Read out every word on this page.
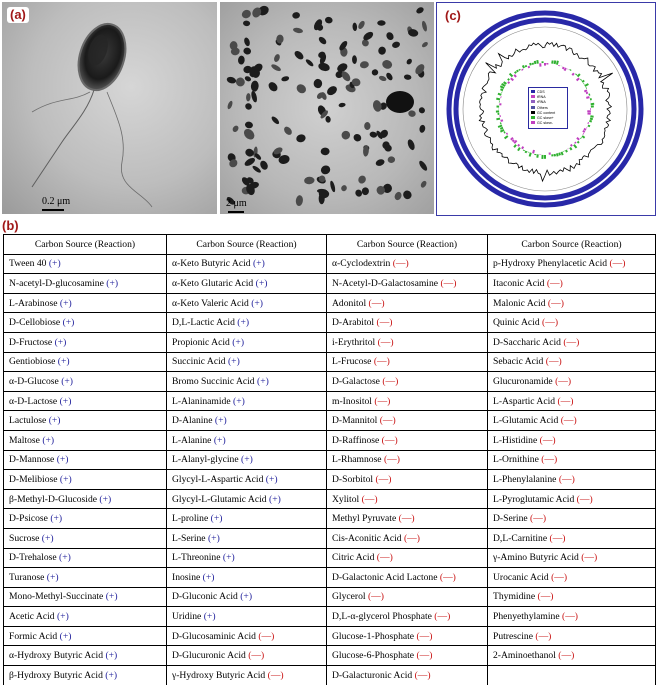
(a)
0.2 μm	2 μm
(c)
CDS
tRNA
rRNA
Others
GC content
GC skew+
GC skew-
(b)
Carbon Source (Reaction)	Carbon Source (Reaction)	Carbon Source (Reaction)	Carbon Source (Reaction)
Tween 40 (+)	α-Keto Butyric Acid (+)	α-Cyclodextrin (—)	p-Hydroxy Phenylacetic Acid (—)
N-acetyl-D-glucosamine (+)	α-Keto Glutaric Acid (+)	N-Acetyl-D-Galactosamine (—)	Itaconic Acid (—)
L-Arabinose (+)	α-Keto Valeric Acid (+)	Adonitol (—)	Malonic Acid (—)
D-Cellobiose (+)	D,L-Lactic Acid (+)	D-Arabitol (—)	Quinic Acid (—)
D-Fructose (+)	Propionic Acid (+)	i-Erythritol (—)	D-Saccharic Acid (—)
Gentiobiose (+)	Succinic Acid (+)	L-Frucose (—)	Sebacic Acid (—)
α-D-Glucose (+)	Bromo Succinic Acid (+)	D-Galactose (—)	Glucuronamide (—)
α-D-Lactose (+)	L-Alaninamide (+)	m-Inositol (—)	L-Aspartic Acid (—)
Lactulose (+)	D-Alanine (+)	D-Mannitol (—)	L-Glutamic Acid (—)
Maltose (+)	L-Alanine (+)	D-Raffinose (—)	L-Histidine (—)
D-Mannose (+)	L-Alanyl-glycine (+)	L-Rhamnose (—)	L-Ornithine (—)
D-Melibiose (+)	Glycyl-L-Aspartic Acid (+)	D-Sorbitol (—)	L-Phenylalanine (—)
β-Methyl-D-Glucoside (+)	Glycyl-L-Glutamic Acid (+)	Xylitol (—)	L-Pyroglutamic Acid (—)
D-Psicose (+)	L-proline (+)	Methyl Pyruvate (—)	D-Serine (—)
Sucrose (+)	L-Serine (+)	Cis-Aconitic Acid (—)	D,L-Carnitine (—)
D-Trehalose (+)	L-Threonine (+)	Citric Acid (—)	γ-Amino Butyric Acid (—)
Turanose (+)	Inosine (+)	D-Galactonic Acid Lactone (—)	Urocanic Acid (—)
Mono-Methyl-Succinate (+)	D-Gluconic Acid (+)	Glycerol (—)	Thymidine (—)
Acetic Acid (+)	Uridine (+)	D,L-α-glycerol Phosphate (—)	Phenyethylamine (—)
Formic Acid (+)	D-Glucosaminic Acid (—)	Glucose-1-Phosphate (—)	Putrescine (—)
α-Hydroxy Butyric Acid (+)	D-Glucuronic Acid (—)	Glucose-6-Phosphate (—)	2-Aminoethanol (—)
β-Hydroxy Butyric Acid (+)	γ-Hydroxy Butyric Acid (—)	D-Galacturonic Acid (—)	
